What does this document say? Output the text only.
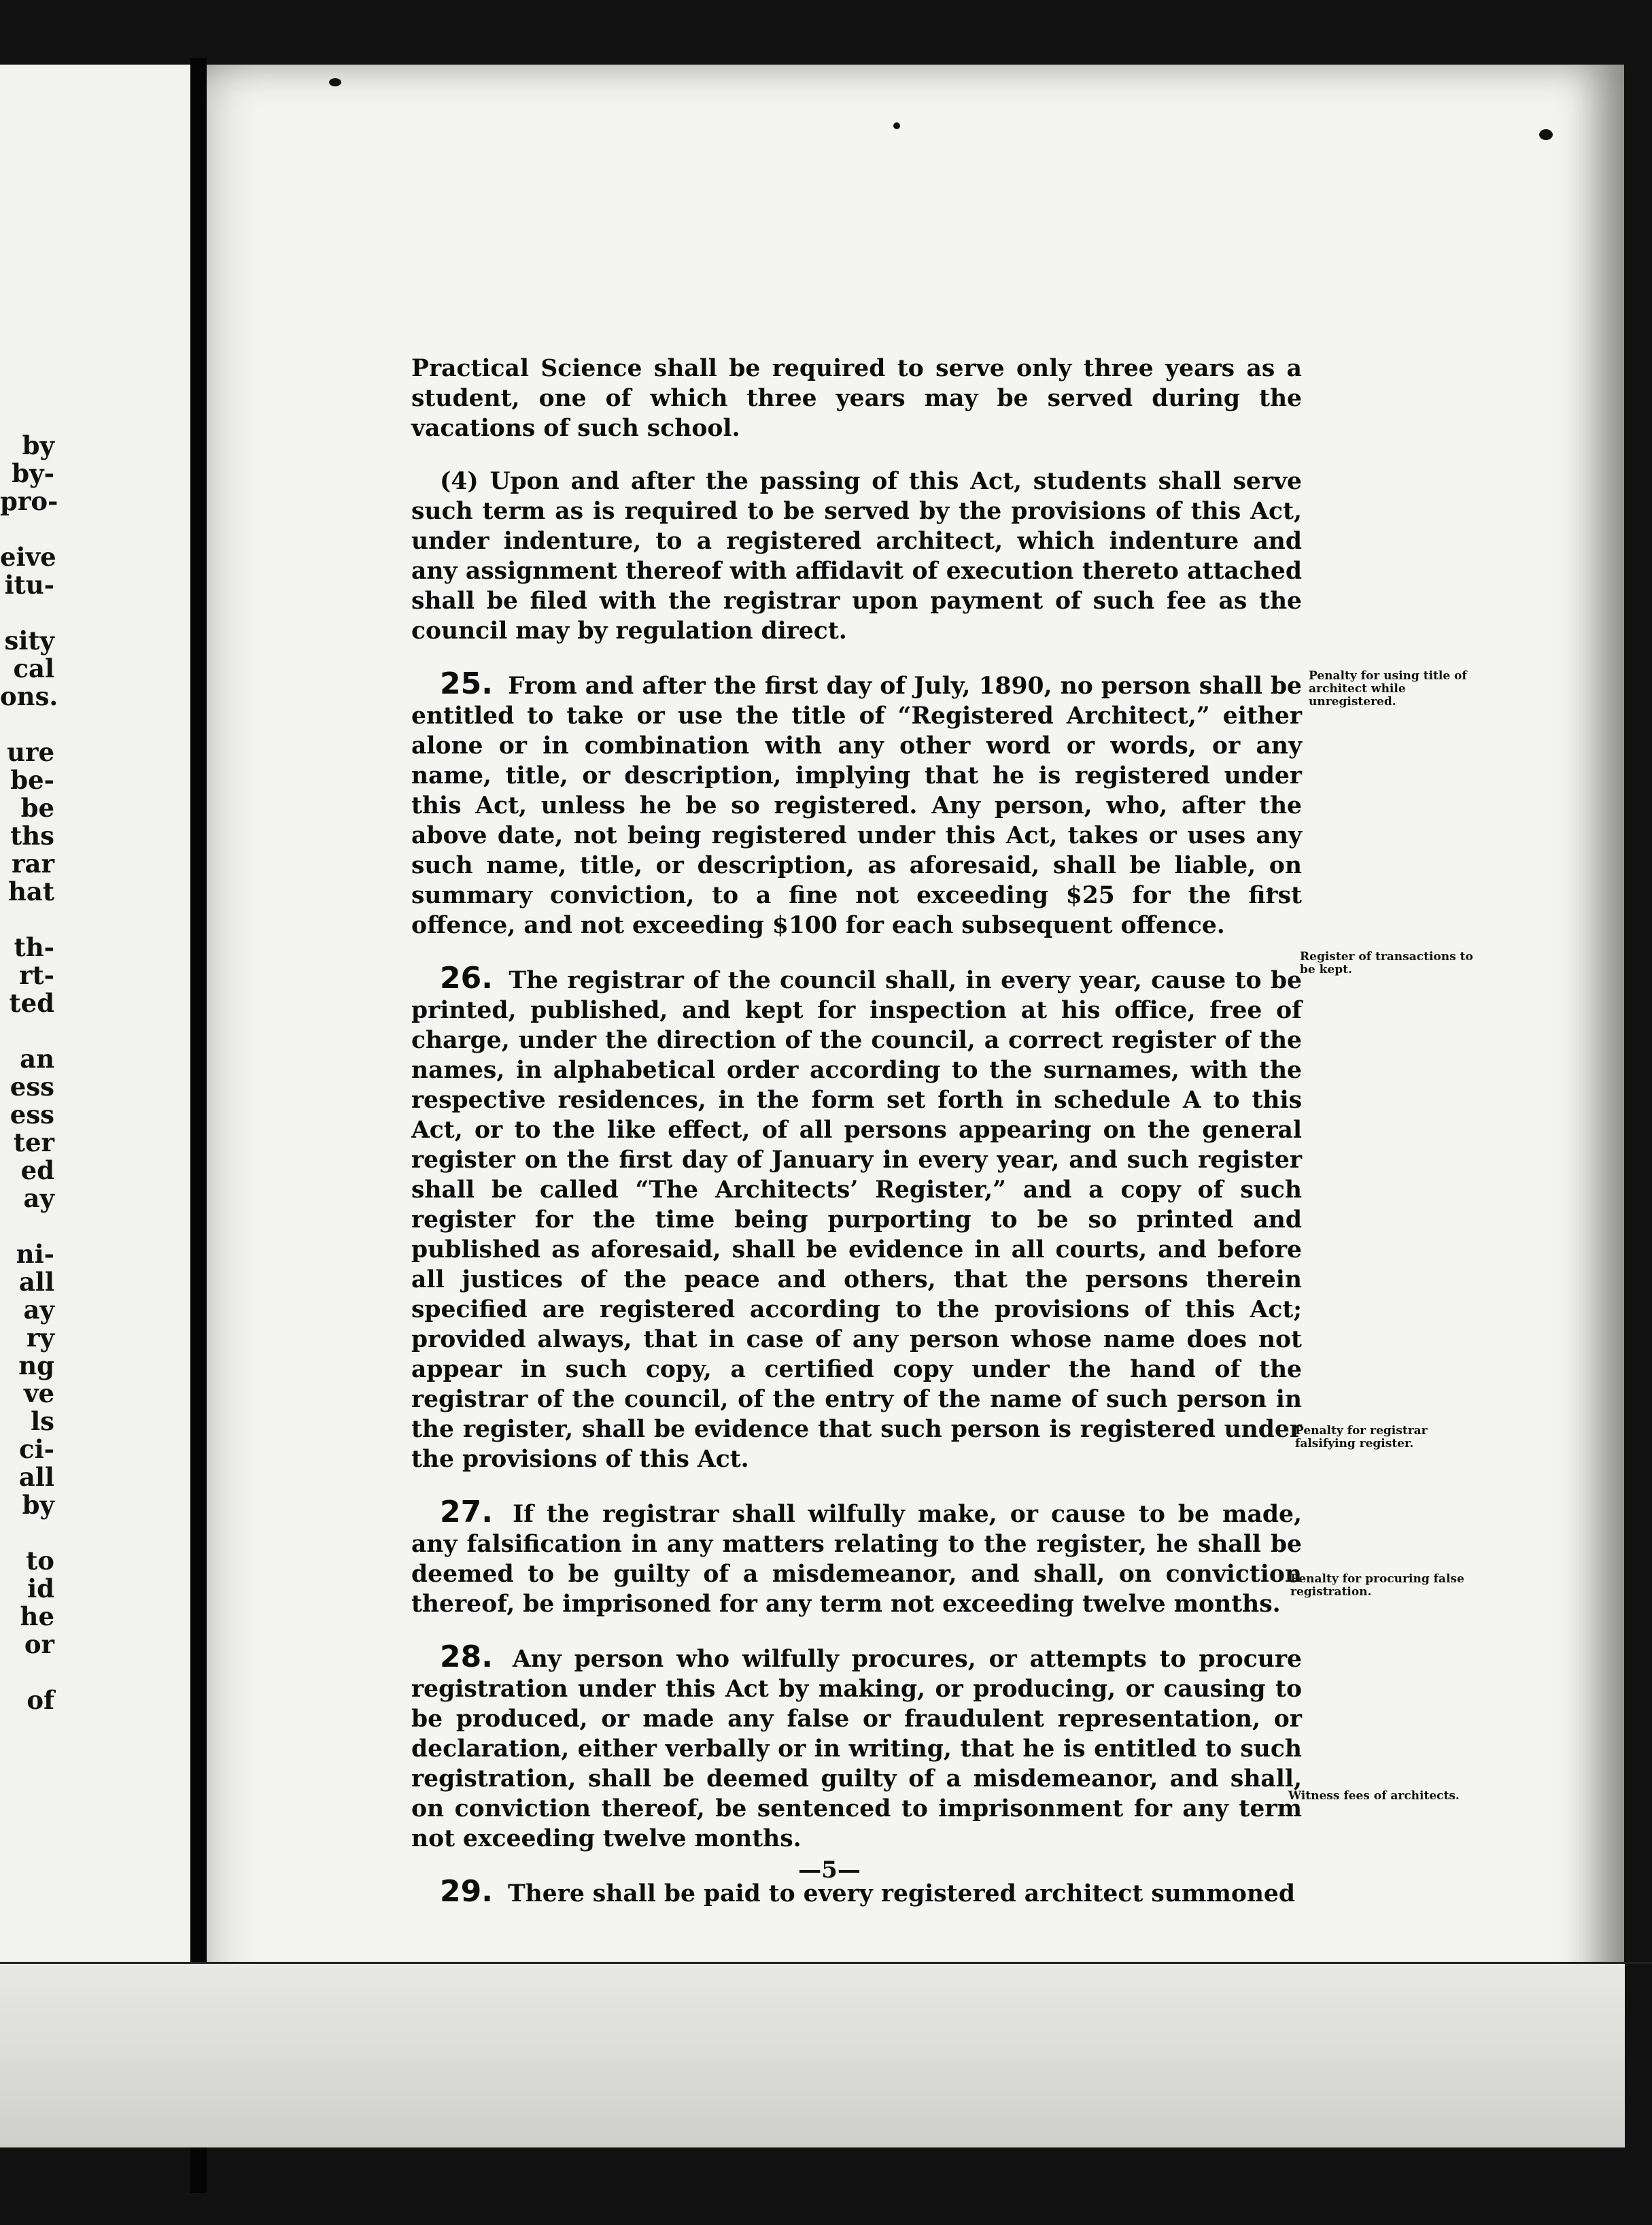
by
by-
pro-
eive
itu-
sity
cal
ons.
ure
be-
be
ths
rar
hat
th-
rt-
ted
an
ess
ess
ter
ed
ay
ni-
all
ay
ry
ng
ve
ls
ci-
all
by
to
id
he
or
of

Practical Science shall be required to serve only three years as a student, one of which three years may be served during the vacations of such school.

(4) Upon and after the passing of this Act, students shall serve such term as is required to be served by the provisions of this Act, under indenture, to a registered architect, which indenture and any assignment thereof with affidavit of execution thereto attached shall be filed with the registrar upon payment of such fee as the council may by regulation direct.

25. From and after the first day of July, 1890, no person shall be entitled to take or use the title of “Registered Architect,” either alone or in combination with any other word or words, or any name, title, or description, implying that he is registered under this Act, unless he be so registered. Any person, who, after the above date, not being registered under this Act, takes or uses any such name, title, or description, as aforesaid, shall be liable, on summary conviction, to a fine not exceeding $25 for the first offence, and not exceeding $100 for each subsequent offence.

26. The registrar of the council shall, in every year, cause to be printed, published, and kept for inspection at his office, free of charge, under the direction of the council, a correct register of the names, in alphabetical order according to the surnames, with the respective residences, in the form set forth in schedule A to this Act, or to the like effect, of all persons appearing on the general register on the first day of January in every year, and such register shall be called “The Architects’ Register,” and a copy of such register for the time being purporting to be so printed and published as aforesaid, shall be evidence in all courts, and before all justices of the peace and others, that the persons therein specified are registered according to the provisions of this Act; provided always, that in case of any person whose name does not appear in such copy, a certified copy under the hand of the registrar of the council, of the entry of the name of such person in the register, shall be evidence that such person is registered under the provisions of this Act.

27. If the registrar shall wilfully make, or cause to be made, any falsification in any matters relating to the register, he shall be deemed to be guilty of a misdemeanor, and shall, on conviction thereof, be imprisoned for any term not exceeding twelve months.

28. Any person who wilfully procures, or attempts to procure registration under this Act by making, or producing, or causing to be produced, or made any false or fraudulent representation, or declaration, either verbally or in writing, that he is entitled to such registration, shall be deemed guilty of a misdemeanor, and shall, on conviction thereof, be sentenced to imprisonment for any term not exceeding twelve months.

29. There shall be paid to every registered architect summoned

Penalty for using title of architect while unregistered.
Register of transactions to be kept.
Penalty for registrar falsifying register.
Penalty for procuring false registration.
Witness fees of architects.
—5—
